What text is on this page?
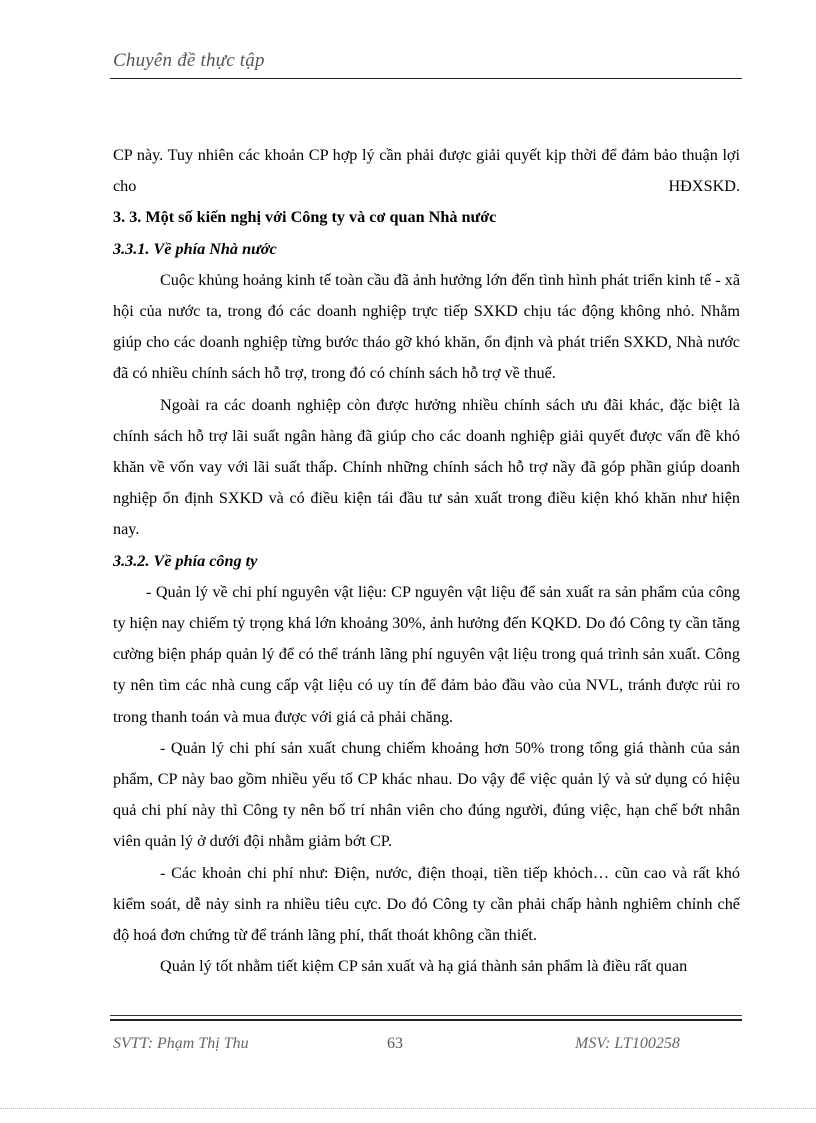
Chuyên đề thực tập

CP này. Tuy nhiên các khoản CP hợp lý cần phải được giải quyết kịp thời để đảm bảo thuận lợi cho HĐXSKD.

3. 3. Một số kiến nghị với Công ty và cơ quan Nhà nước

3.3.1. Về phía Nhà nước

Cuộc khủng hoảng kinh tế toàn cầu đã ảnh hưởng lớn đến tình hình phát triển kinh tế - xã hội của nước ta, trong đó các doanh nghiệp trực tiếp SXKD chịu tác động không nhỏ. Nhằm giúp cho các doanh nghiệp từng bước tháo gỡ khó khăn, ổn định và phát triển SXKD, Nhà nước đã có nhiều chính sách hỗ trợ, trong đó có chính sách hỗ trợ về thuế.

Ngoài ra các doanh nghiệp còn được hưởng nhiều chính sách ưu đãi khác, đặc biệt là chính sách hỗ trợ lãi suất ngân hàng đã giúp cho các doanh nghiệp giải quyết được vấn đề khó khăn về vốn vay với lãi suất thấp. Chính những chính sách hỗ trợ nầy đã góp phần giúp doanh nghiệp ổn định SXKD và có điều kiện tái đầu tư sản xuất trong điều kiện khó khăn như hiện nay.

3.3.2. Về phía công ty

- Quản lý về chi phí nguyên vật liệu: CP nguyên vật liệu để sản xuất ra sản phẩm của công ty hiện nay chiếm tỷ trọng khá lớn khoảng 30%, ảnh hưởng đến KQKD. Do đó Công ty cần tăng cường biện pháp quản lý để có thể tránh lãng phí nguyên vật liệu trong quá trình sản xuất. Công ty nên tìm các nhà cung cấp vật liệu có uy tín để đảm bảo đầu vào của NVL, tránh được rủi ro trong thanh toán và mua được với giá cả phải chăng.

- Quản lý chi phí sản xuất chung chiếm khoảng hơn 50% trong tổng giá thành của sản phẩm, CP này bao gồm nhiều yếu tố CP khác nhau. Do vậy để việc quản lý và sử dụng có hiệu quả chi phí này thì Công ty nên bố trí nhân viên cho đúng người, đúng việc, hạn chế bớt nhân viên quản lý ở dưới đội nhằm giảm bớt CP.

- Các khoản chi phí như: Điện, nước, điện thoại, tiền tiếp khỏch… cũn cao và rất khó kiểm soát, dễ nảy sinh ra nhiều tiêu cực. Do đó Công ty cần phải chấp hành nghiêm chỉnh chế độ hoá đơn chứng từ để tránh lãng phí, thất thoát không cần thiết.

Quản lý tốt nhằm tiết kiệm CP sản xuất và hạ giá thành sản phẩm là điều rất quan

SVTT: Phạm Thị Thu	63	MSV: LT100258
